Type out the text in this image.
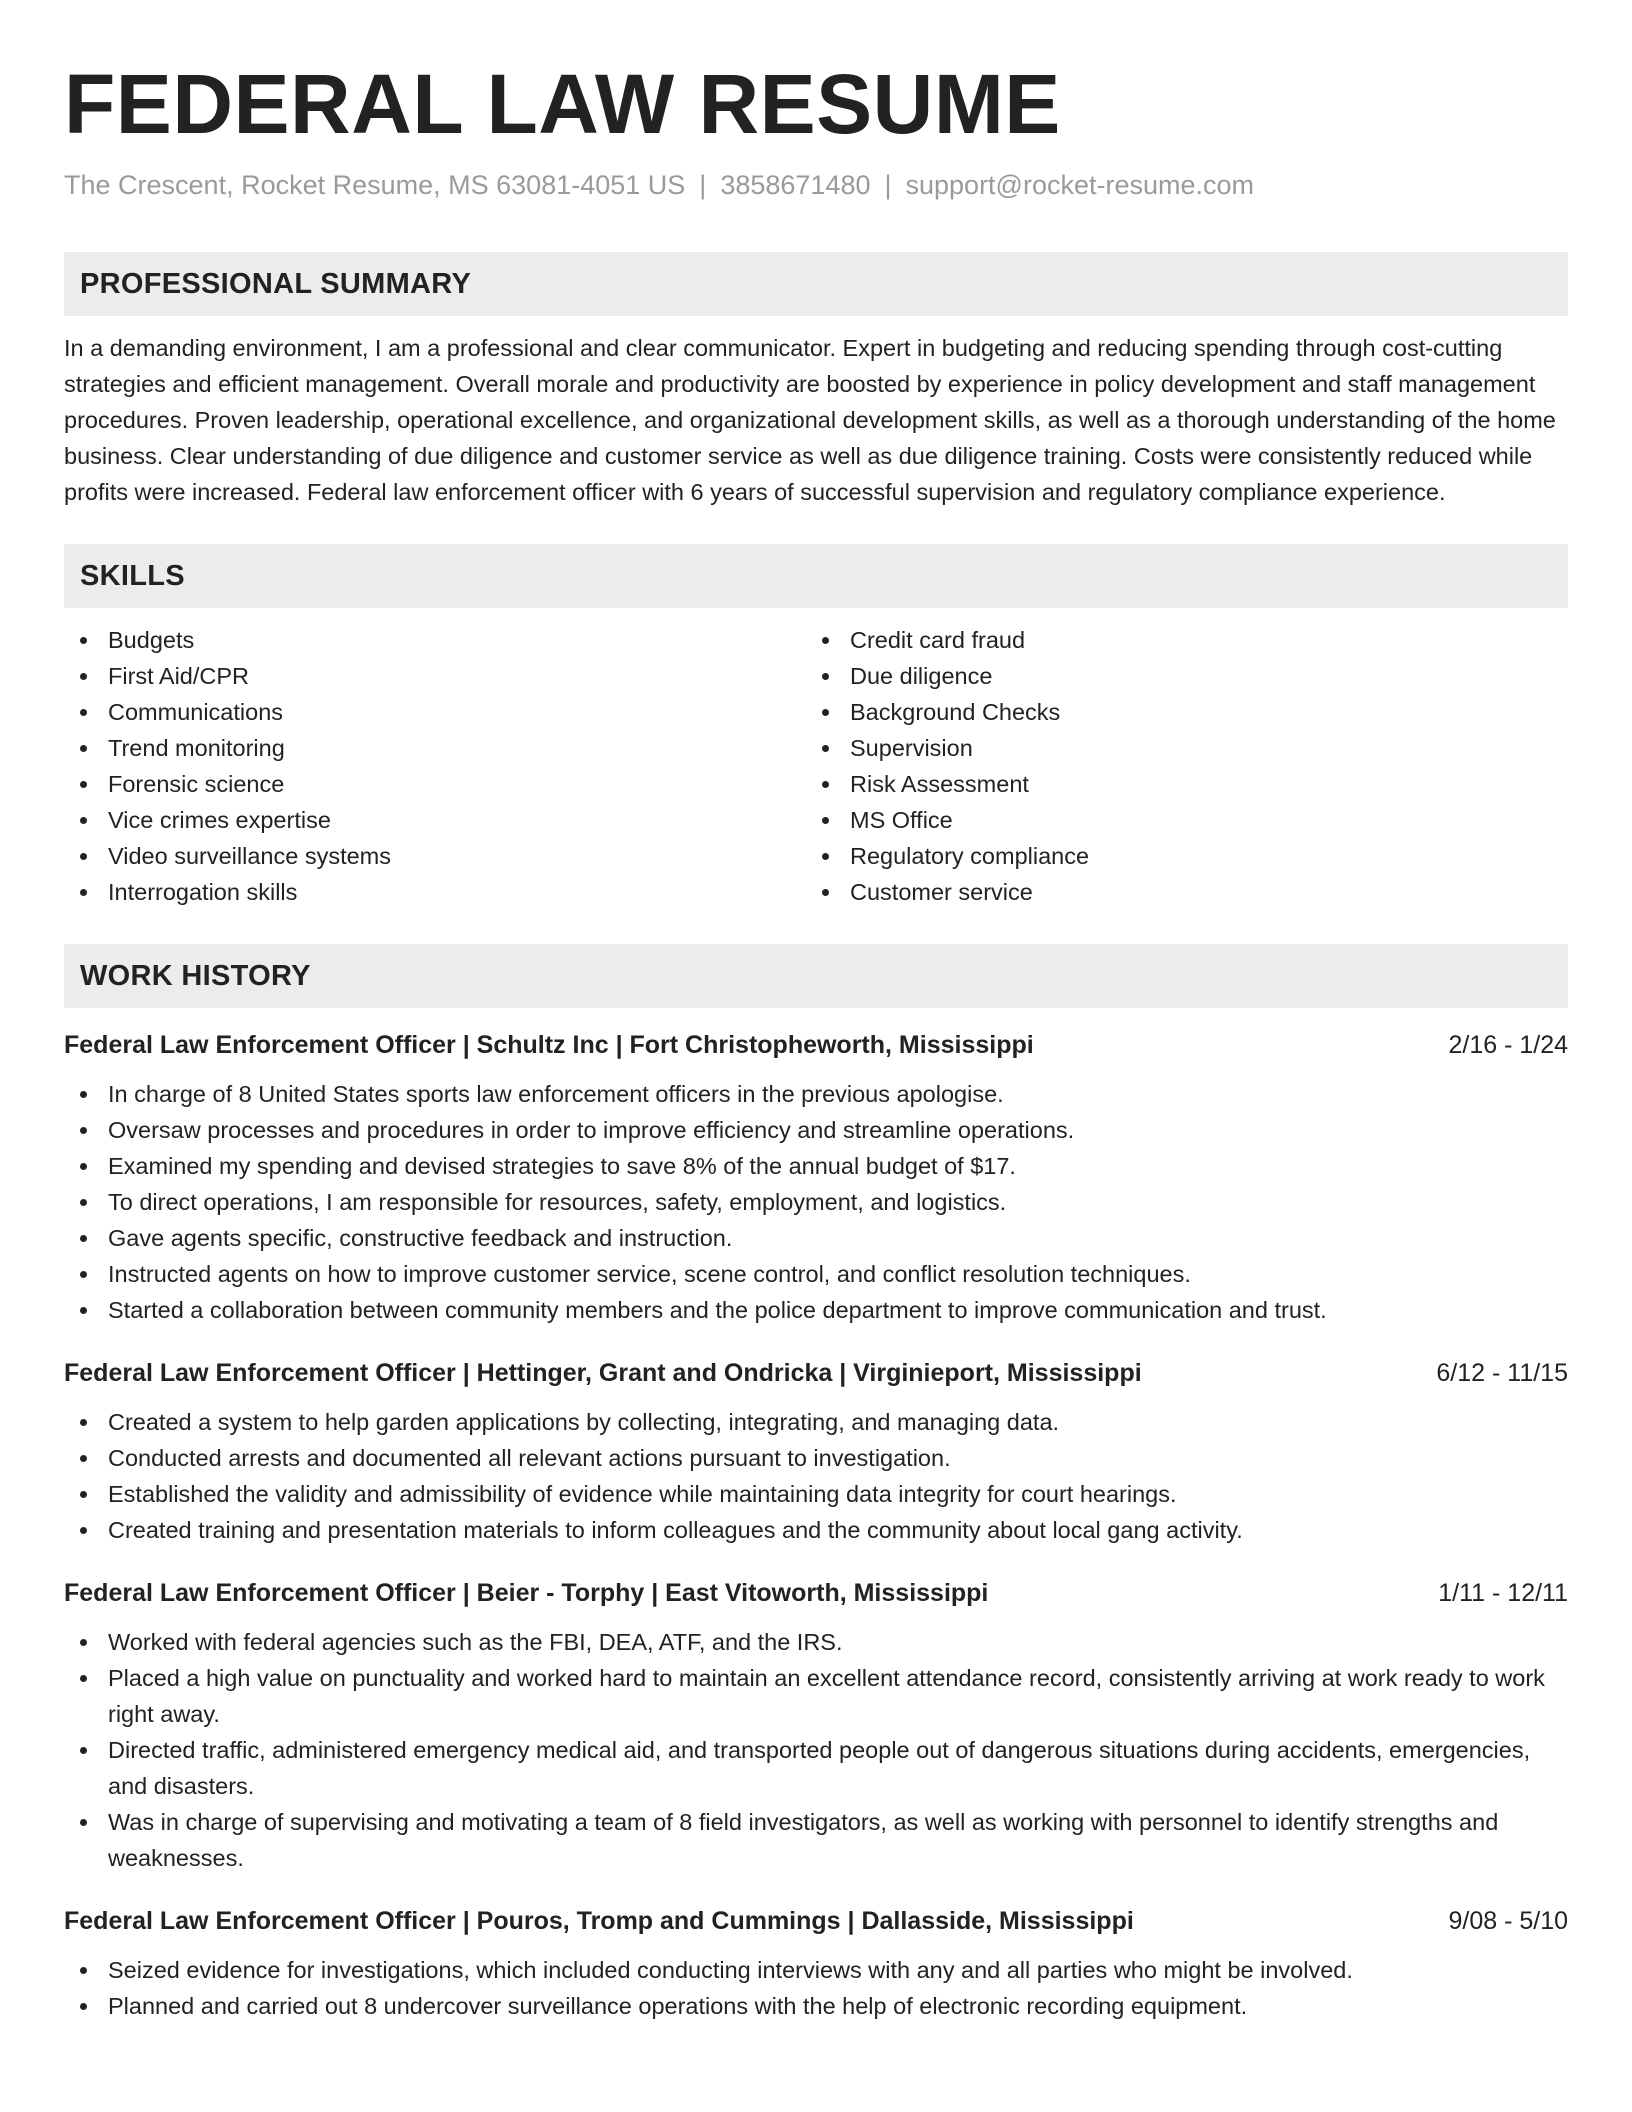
FEDERAL LAW RESUME
The Crescent, Rocket Resume, MS 63081-4051 US | 3858671480 | support@rocket-resume.com
PROFESSIONAL SUMMARY
In a demanding environment, I am a professional and clear communicator. Expert in budgeting and reducing spending through cost-cutting strategies and efficient management. Overall morale and productivity are boosted by experience in policy development and staff management procedures. Proven leadership, operational excellence, and organizational development skills, as well as a thorough understanding of the home business. Clear understanding of due diligence and customer service as well as due diligence training. Costs were consistently reduced while profits were increased. Federal law enforcement officer with 6 years of successful supervision and regulatory compliance experience.
SKILLS
Budgets
First Aid/CPR
Communications
Trend monitoring
Forensic science
Vice crimes expertise
Video surveillance systems
Interrogation skills
Credit card fraud
Due diligence
Background Checks
Supervision
Risk Assessment
MS Office
Regulatory compliance
Customer service
WORK HISTORY
Federal Law Enforcement Officer | Schultz Inc | Fort Christopheworth, Mississippi	2/16 - 1/24
In charge of 8 United States sports law enforcement officers in the previous apologise.
Oversaw processes and procedures in order to improve efficiency and streamline operations.
Examined my spending and devised strategies to save 8% of the annual budget of $17.
To direct operations, I am responsible for resources, safety, employment, and logistics.
Gave agents specific, constructive feedback and instruction.
Instructed agents on how to improve customer service, scene control, and conflict resolution techniques.
Started a collaboration between community members and the police department to improve communication and trust.
Federal Law Enforcement Officer | Hettinger, Grant and Ondricka | Virginieport, Mississippi	6/12 - 11/15
Created a system to help garden applications by collecting, integrating, and managing data.
Conducted arrests and documented all relevant actions pursuant to investigation.
Established the validity and admissibility of evidence while maintaining data integrity for court hearings.
Created training and presentation materials to inform colleagues and the community about local gang activity.
Federal Law Enforcement Officer | Beier - Torphy | East Vitoworth, Mississippi	1/11 - 12/11
Worked with federal agencies such as the FBI, DEA, ATF, and the IRS.
Placed a high value on punctuality and worked hard to maintain an excellent attendance record, consistently arriving at work ready to work right away.
Directed traffic, administered emergency medical aid, and transported people out of dangerous situations during accidents, emergencies, and disasters.
Was in charge of supervising and motivating a team of 8 field investigators, as well as working with personnel to identify strengths and weaknesses.
Federal Law Enforcement Officer | Pouros, Tromp and Cummings | Dallasside, Mississippi	9/08 - 5/10
Seized evidence for investigations, which included conducting interviews with any and all parties who might be involved.
Planned and carried out 8 undercover surveillance operations with the help of electronic recording equipment.
